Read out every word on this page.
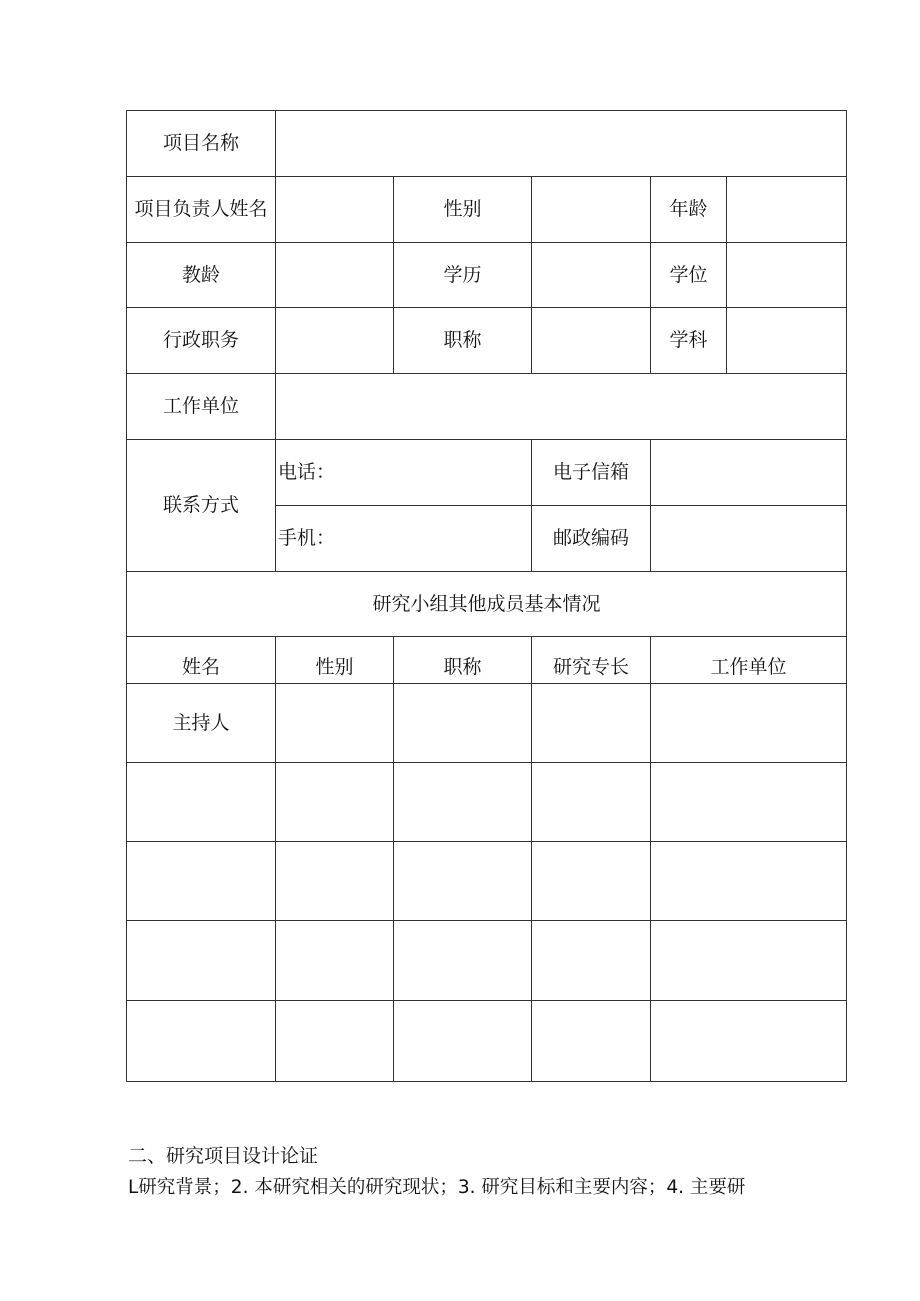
项目名称
项目负责人姓名	性别	年龄
教龄	学历	学位
行政职务	职称	学科
工作单位
联系方式
电话：	电子信箱
手机：	邮政编码
研究小组其他成员基本情况
姓名	性别	职称	研究专长	工作单位
主持人
二、研究项目设计论证
L研究背景；2. 本研究相关的研究现状；3. 研究目标和主要内容；4. 主要研
